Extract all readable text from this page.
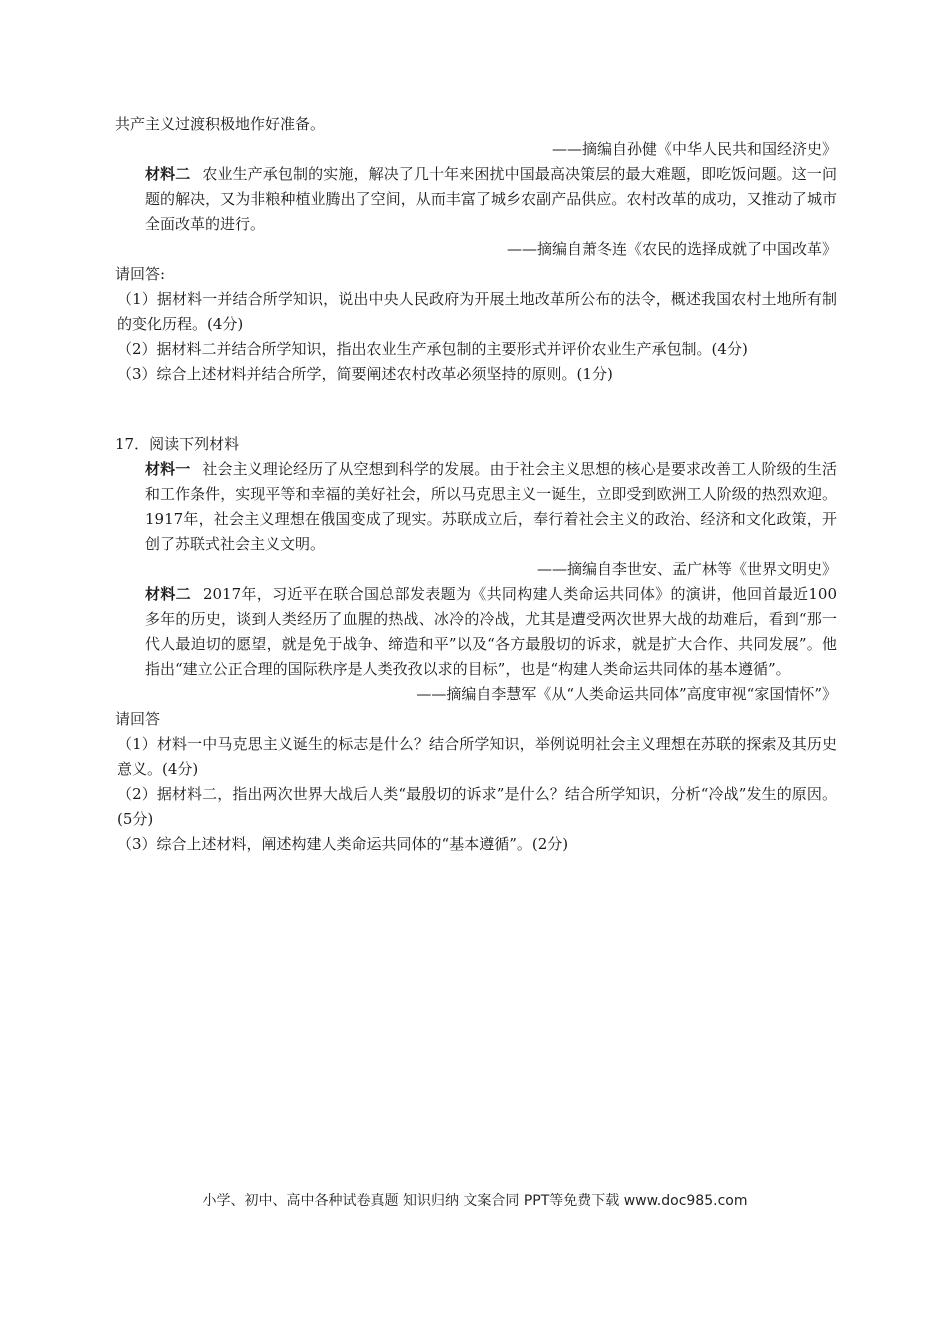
共产主义过渡积极地作好准备。
——摘编自孙健《中华人民共和国经济史》
材料二 农业生产承包制的实施，解决了几十年来困扰中国最高决策层的最大难题，即吃饭问题。这一问题的解决，又为非粮种植业腾出了空间，从而丰富了城乡农副产品供应。农村改革的成功，又推动了城市全面改革的进行。
——摘编自萧冬连《农民的选择成就了中国改革》
请回答:
（1）据材料一并结合所学知识，说出中央人民政府为开展土地改革所公布的法令，概述我国农村土地所有制的变化历程。(4分)
（2）据材料二并结合所学知识，指出农业生产承包制的主要形式并评价农业生产承包制。(4分)
（3）综合上述材料并结合所学，简要阐述农村改革必须坚持的原则。(1分)
17．阅读下列材料
材料一 社会主义理论经历了从空想到科学的发展。由于社会主义思想的核心是要求改善工人阶级的生活和工作条件，实现平等和幸福的美好社会，所以马克思主义一诞生，立即受到欧洲工人阶级的热烈欢迎。1917年，社会主义理想在俄国变成了现实。苏联成立后，奉行着社会主义的政治、经济和文化政策，开创了苏联式社会主义文明。
——摘编自李世安、孟广林等《世界文明史》
材料二 2017年，习近平在联合国总部发表题为《共同构建人类命运共同体》的演讲，他回首最近100多年的历史，谈到人类经历了血腥的热战、冰冷的冷战，尤其是遭受两次世界大战的劫难后，看到“那一代人最迫切的愿望，就是免于战争、缔造和平”以及“各方最殷切的诉求，就是扩大合作、共同发展”。他指出“建立公正合理的国际秩序是人类孜孜以求的目标”，也是“构建人类命运共同体的基本遵循”。
——摘编自李慧军《从“人类命运共同体”高度审视“家国情怀”》
请回答
（1）材料一中马克思主义诞生的标志是什么？结合所学知识，举例说明社会主义理想在苏联的探索及其历史意义。(4分)
（2）据材料二，指出两次世界大战后人类“最殷切的诉求”是什么？结合所学知识，分析“冷战”发生的原因。(5分)
（3）综合上述材料，阐述构建人类命运共同体的“基本遵循”。(2分)
小学、初中、高中各种试卷真题 知识归纳 文案合同 PPT等免费下载 www.doc985.com
